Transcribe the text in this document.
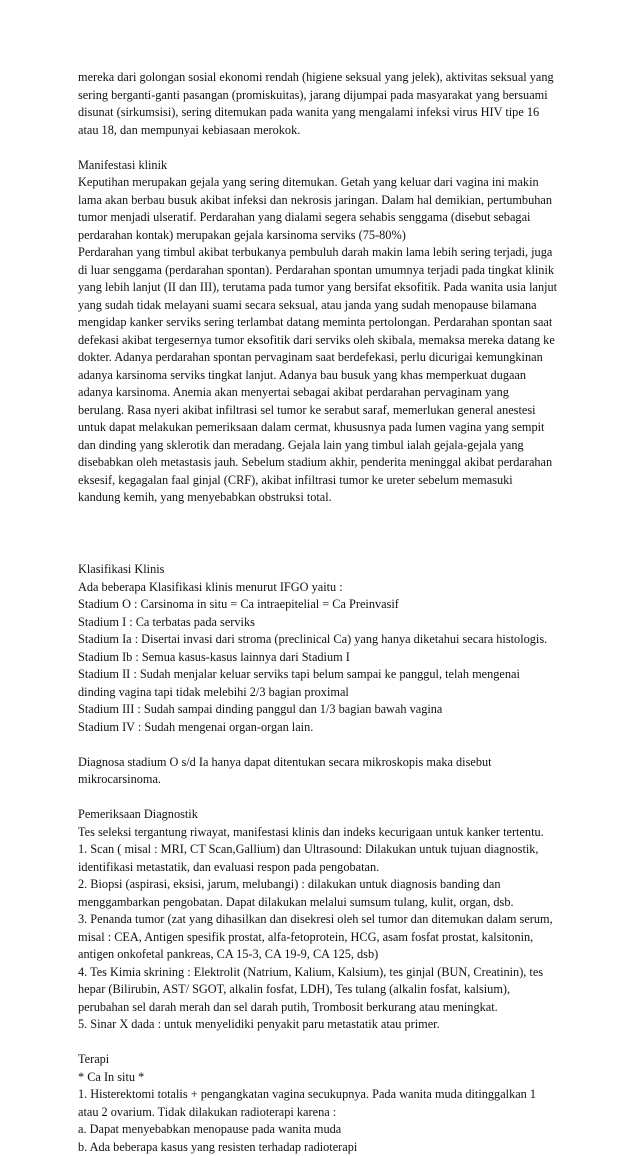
mereka dari golongan sosial ekonomi rendah (higiene seksual yang jelek), aktivitas seksual yang
sering berganti-ganti pasangan (promiskuitas), jarang dijumpai pada masyarakat yang bersuami
disunat (sirkumsisi), sering ditemukan pada wanita yang mengalami infeksi virus HIV tipe 16
atau 18, dan mempunyai kebiasaan merokok.
Manifestasi klinik
Keputihan merupakan gejala yang sering ditemukan. Getah yang keluar dari vagina ini makin
lama akan berbau busuk akibat infeksi dan nekrosis jaringan. Dalam hal demikian, pertumbuhan
tumor menjadi ulseratif. Perdarahan yang dialami segera sehabis senggama (disebut sebagai
perdarahan kontak) merupakan gejala karsinoma serviks (75-80%)
Perdarahan yang timbul akibat terbukanya pembuluh darah makin lama lebih sering terjadi, juga
di luar senggama (perdarahan spontan). Perdarahan spontan umumnya terjadi pada tingkat klinik
yang lebih lanjut (II dan III), terutama pada tumor yang bersifat eksofitik. Pada wanita usia lanjut
yang sudah tidak melayani suami secara seksual, atau janda yang sudah menopause bilamana
mengidap kanker serviks sering terlambat datang meminta pertolongan. Perdarahan spontan saat
defekasi akibat tergesernya tumor eksofitik dari serviks oleh skibala, memaksa mereka datang ke
dokter. Adanya perdarahan spontan pervaginam saat berdefekasi, perlu dicurigai kemungkinan
adanya karsinoma serviks tingkat lanjut. Adanya bau busuk yang khas memperkuat dugaan
adanya karsinoma. Anemia akan menyertai sebagai akibat perdarahan pervaginam yang
berulang. Rasa nyeri akibat infiltrasi sel tumor ke serabut saraf, memerlukan general anestesi
untuk dapat melakukan pemeriksaan dalam cermat, khususnya pada lumen vagina yang sempit
dan dinding yang sklerotik dan meradang. Gejala lain yang timbul ialah gejala-gejala yang
disebabkan oleh metastasis jauh. Sebelum stadium akhir, penderita meninggal akibat perdarahan
eksesif, kegagalan faal ginjal (CRF), akibat infiltrasi tumor ke ureter sebelum memasuki
kandung kemih, yang menyebabkan obstruksi total.
Klasifikasi Klinis
Ada beberapa Klasifikasi klinis menurut IFGO yaitu :
Stadium O : Carsinoma in situ = Ca intraepitelial = Ca Preinvasif
Stadium I : Ca terbatas pada serviks
Stadium Ia : Disertai invasi dari stroma (preclinical Ca) yang hanya diketahui secara histologis.
Stadium Ib : Semua kasus-kasus lainnya dari Stadium I
Stadium II : Sudah menjalar keluar serviks tapi belum sampai ke panggul, telah mengenai
dinding vagina tapi tidak melebihi 2/3 bagian proximal
Stadium III : Sudah sampai dinding panggul dan 1/3 bagian bawah vagina
Stadium IV : Sudah mengenai organ-organ lain.
Diagnosa stadium O s/d Ia hanya dapat ditentukan secara mikroskopis maka disebut
mikrocarsinoma.
Pemeriksaan Diagnostik
Tes seleksi tergantung riwayat, manifestasi klinis dan indeks kecurigaan untuk kanker tertentu.
1. Scan ( misal : MRI, CT Scan,Gallium) dan Ultrasound: Dilakukan untuk tujuan diagnostik,
identifikasi metastatik, dan evaluasi respon pada pengobatan.
2. Biopsi (aspirasi, eksisi, jarum, melubangi) : dilakukan untuk diagnosis banding dan
menggambarkan pengobatan. Dapat dilakukan melalui sumsum tulang, kulit, organ, dsb.
3. Penanda tumor (zat yang dihasilkan dan disekresi oleh sel tumor dan ditemukan dalam serum,
misal : CEA, Antigen spesifik prostat, alfa-fetoprotein, HCG, asam fosfat prostat, kalsitonin,
antigen onkofetal pankreas, CA 15-3, CA 19-9, CA 125, dsb)
4. Tes Kimia skrining : Elektrolit (Natrium, Kalium, Kalsium), tes ginjal (BUN, Creatinin), tes
hepar (Bilirubin, AST/ SGOT, alkalin fosfat, LDH), Tes tulang (alkalin fosfat, kalsium),
perubahan sel darah merah dan sel darah putih, Trombosit berkurang atau meningkat.
5. Sinar X dada : untuk menyelidiki penyakit paru metastatik atau primer.
Terapi
* Ca In situ *
1. Histerektomi totalis + pengangkatan vagina secukupnya. Pada wanita muda ditinggalkan 1
atau 2 ovarium. Tidak dilakukan radioterapi karena :
a. Dapat menyebabkan menopause pada wanita muda
b. Ada beberapa kasus yang resisten terhadap radioterapi
